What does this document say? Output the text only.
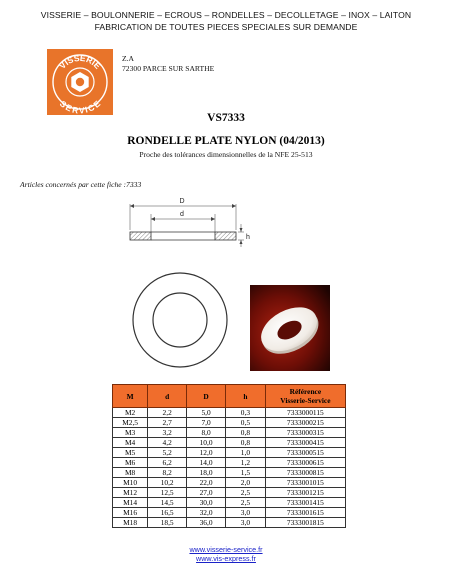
VISSERIE – BOULONNERIE – ECROUS – RONDELLES – DECOLLETAGE – INOX – LAITON
FABRICATION DE TOUTES PIECES SPECIALES SUR DEMANDE
VISSERIE
SERVICE
Z.A
72300 PARCE SUR SARTHE
VS7333
RONDELLE PLATE NYLON (04/2013)
Proche des tolérances dimensionnelles de la NFE 25-513
Articles concernés par cette fiche :7333
D
d
h
M	d	D	h	Référence
Visserie-Service

M2	2,2	5,0	0,3	7333000115
M2,5	2,7	7,0	0,5	7333000215
M3	3,2	8,0	0,8	7333000315
M4	4,2	10,0	0,8	7333000415
M5	5,2	12,0	1,0	7333000515
M6	6,2	14,0	1,2	7333000615
M8	8,2	18,0	1,5	7333000815
M10	10,2	22,0	2,0	7333001015
M12	12,5	27,0	2,5	7333001215
M14	14,5	30,0	2,5	7333001415
M16	16,5	32,0	3,0	7333001615
M18	18,5	36,0	3,0	7333001815
www.visserie-service.fr
www.vis-express.fr
